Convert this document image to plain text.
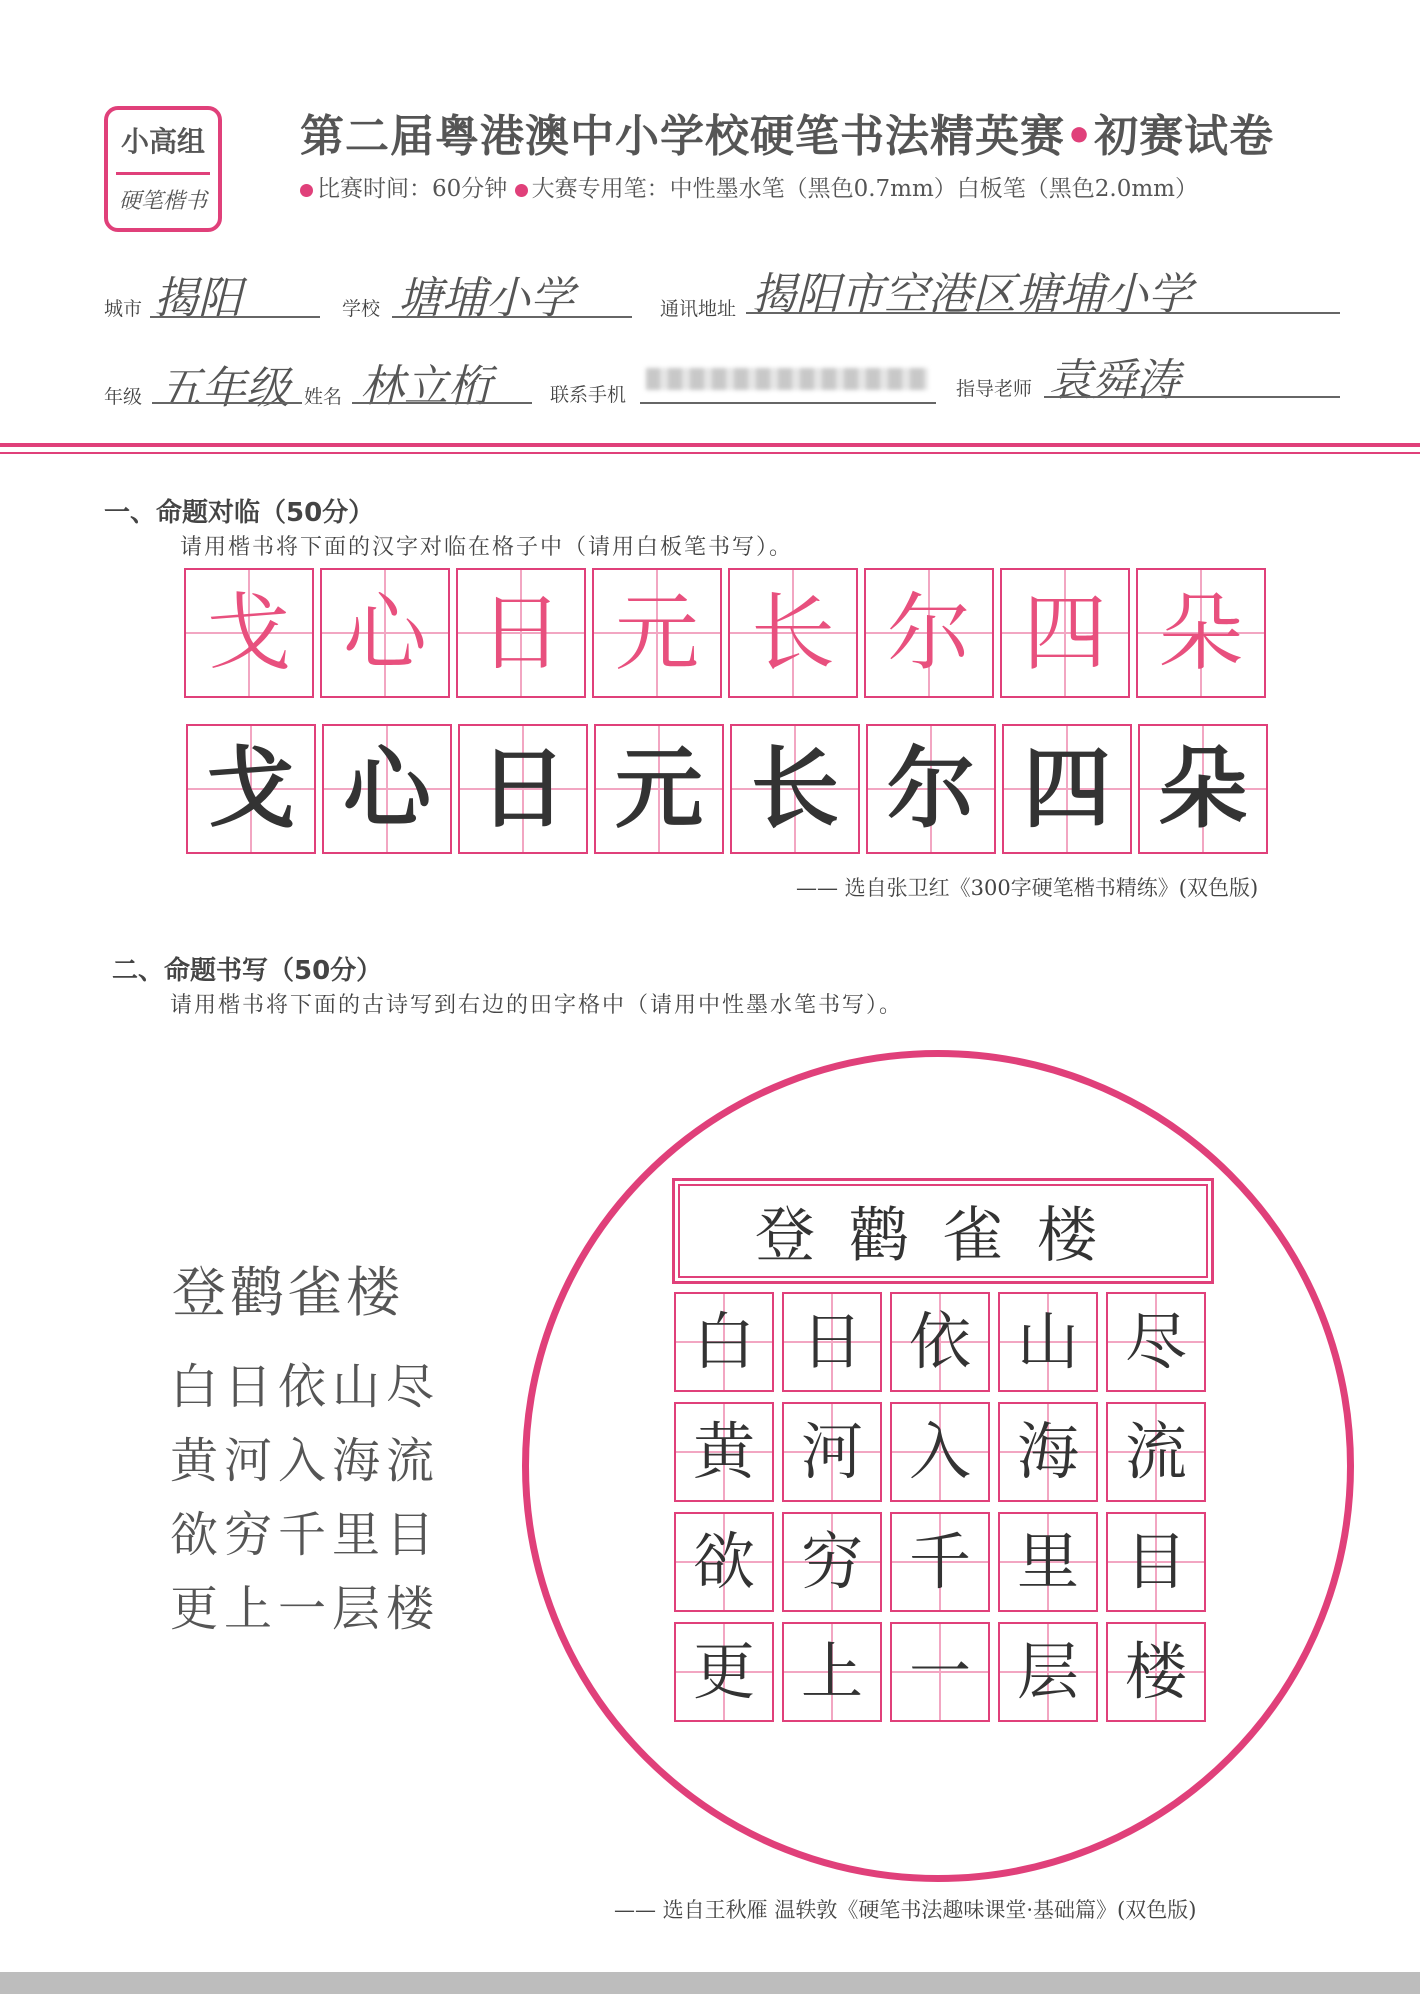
小高组
硬笔楷书
第二届粤港澳中小学校硬笔书法精英赛•初赛试卷
比赛时间：60分钟 大赛专用笔：中性墨水笔（黑色0.7mm）白板笔（黑色2.0mm）
城市 揭阳	学校 塘埔小学	通讯地址 揭阳市空港区塘埔小学
年级 五年级 姓名 林立桁	联系手机	指导老师 袁舜涛
一、命题对临（50分）
请用楷书将下面的汉字对临在格子中（请用白板笔书写）。
戈 心 日 元 长 尔 四 朵
戈 心 日 元 长 尔 四 朵
—— 选自张卫红《300字硬笔楷书精练》(双色版)
二、命题书写（50分）
请用楷书将下面的古诗写到右边的田字格中（请用中性墨水笔书写）。
登鹳雀楼
白日依山尽
黄河入海流
欲穷千里目
更上一层楼
登鹳雀楼
白 日 依 山 尽
黄 河 入 海 流
欲 穷 千 里 目
更 上 一 层 楼
—— 选自王秋雁 温轶敦《硬笔书法趣味课堂·基础篇》(双色版)
